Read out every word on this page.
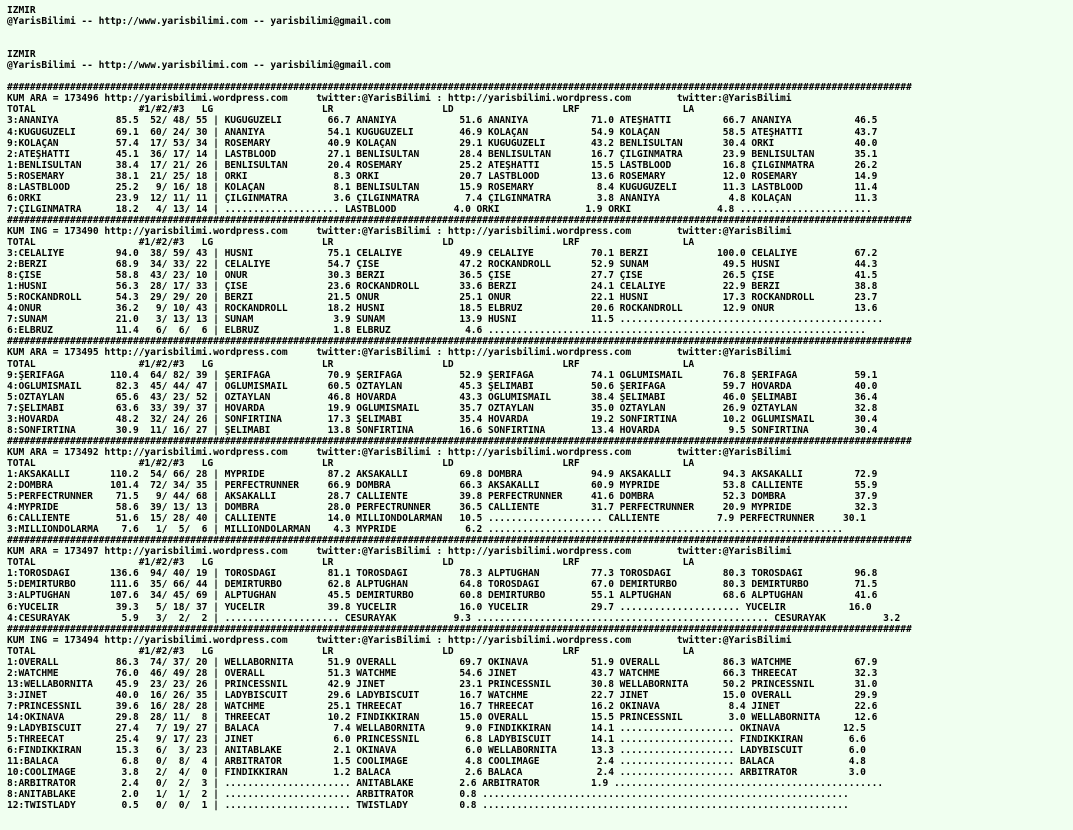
IZMIR
@YarisBilimi -- http://www.yarisbilimi.com -- yarisbilimi@gmail.com

IZMIR
@YarisBilimi -- http://www.yarisbilimi.com -- yarisbilimi@gmail.com

##############################################################################################################################################################
KUM ARA = 173496 http://yarisbilimi.wordpress.com     twitter:@YarisBilimi : http://yarisbilimi.wordpress.com        twitter:@YarisBilimi
TOTAL                  #1/#2/#3   LG                   LR                   LD                   LRF                  LA
3:ANANİYA          85.5  52/ 48/ 55 | KUGUGÜZELİ        66.7 ANANİYA           51.6 ANANİYA           71.0 ATEŞHATTI         66.7 ANANİYA           46.5
4:KUGUGÜZELİ       69.1  60/ 24/ 30 | ANANİYA           54.1 KUGUGÜZELİ        46.9 KOLAÇAN           54.9 KOLAÇAN           58.5 ATEŞHATTI         43.7
9:KOLAÇAN          57.4  17/ 53/ 34 | ROSEMARY          40.9 KOLAÇAN           29.1 KUGUGÜZELİ        43.2 BENLİSULTAN       30.4 ORKİ              40.0
2:ATEŞHATTI        45.1  36/ 17/ 14 | LASTBLOOD         27.1 BENLİSULTAN       28.4 BENLİSULTAN       16.7 ÇILGINMATRA       23.9 BENLİSULTAN       35.1
1:BENLİSULTAN      38.4  17/ 21/ 26 | BENLİSULTAN       20.4 ROSEMARY          25.2 ATEŞHATTI         15.5 LASTBLOOD         16.8 ÇILGINMATRA       26.2
5:ROSEMARY         38.1  21/ 25/ 18 | ORKİ               8.3 ORKİ              20.7 LASTBLOOD         13.6 ROSEMARY          12.0 ROSEMARY          14.9
8:LASTBLOOD        25.2   9/ 16/ 18 | KOLAÇAN            8.1 BENLİSULTAN       15.9 ROSEMARY           8.4 KUGUGÜZELİ        11.3 LASTBLOOD         11.4
6:ORKİ             23.9  12/ 11/ 11 | ÇILGINMATRA        3.6 ÇILGINMATRA        7.4 ÇILGINMATRA        3.8 ANANİYA            4.8 KOLAÇAN           11.3
7:ÇILGINMATRA      18.2   4/ 13/ 14 | .................... LASTBLOOD          4.0 ORKİ               1.9 ORKİ               4.8 .......................
##############################################################################################################################################################
KUM İNG = 173490 http://yarisbilimi.wordpress.com     twitter:@YarisBilimi : http://yarisbilimi.wordpress.com        twitter:@YarisBilimi
TOTAL                  #1/#2/#3   LG                   LR                   LD                   LRF                  LA
3:CELALİYE         94.0  38/ 59/ 43 | HÜSNİ             75.1 CELALİYE          49.9 CELALİYE          70.1 BERZİ            100.0 CELALİYE          67.2
2:BERZİ            68.9  34/ 33/ 22 | CELALİYE          54.7 ÇİSE              47.2 ROCKANDROLL       52.9 SUNAM             49.5 HÜSNİ             44.3
8:ÇİSE             58.8  43/ 23/ 10 | ONUR              30.3 BERZİ             36.5 ÇİSE              27.7 ÇİSE              26.5 ÇİSE              41.5
1:HÜSNİ            56.3  28/ 17/ 33 | ÇİSE              23.6 ROCKANDROLL       33.6 BERZİ             24.1 CELALİYE          22.9 BERZİ             38.8
5:ROCKANDROLL      54.3  29/ 29/ 20 | BERZİ             21.5 ONUR              25.1 ONUR              22.1 HÜSNİ             17.3 ROCKANDROLL       23.7
4:ONUR             36.2   9/ 10/ 43 | ROCKANDROLL       18.2 HÜSNİ             18.5 ELBRUZ            20.6 ROCKANDROLL       12.9 ONUR              13.6
7:SUNAM            21.0   3/ 13/ 13 | SUNAM              3.9 SUNAM             13.9 HÜSNİ             11.5 ..............................................
6:ELBRUZ           11.4   6/  6/  6 | ELBRUZ             1.8 ELBRUZ             4.6 ..................................................................
##############################################################################################################################################################
KUM ARA = 173495 http://yarisbilimi.wordpress.com     twitter:@YarisBilimi : http://yarisbilimi.wordpress.com        twitter:@YarisBilimi
TOTAL                  #1/#2/#3   LG                   LR                   LD                   LRF                  LA
9:ŞERİFAĞA        110.4  64/ 82/ 39 | ŞERİFAĞA          70.9 ŞERİFAĞA          52.9 ŞERİFAĞA          74.1 OĞLUMİSMAİL       76.8 ŞERİFAĞA          59.1
4:OĞLUMİSMAİL      82.3  45/ 44/ 47 | OĞLUMİSMAİL       60.5 ÖZTAYLAN          45.3 ŞELİMABİ          50.6 ŞERİFAĞA          59.7 HOVARDA           40.0
5:ÖZTAYLAN         65.6  43/ 23/ 52 | ÖZTAYLAN          46.8 HOVARDA           43.3 OĞLUMİSMAİL       38.4 ŞELİMABİ          46.0 ŞELİMABİ          36.4
7:ŞELİMABİ         63.6  33/ 39/ 37 | HOVARDA           19.9 OĞLUMİSMAİL       35.7 ÖZTAYLAN          35.0 ÖZTAYLAN          26.9 ÖZTAYLAN          32.8
3:HOVARDA          48.2  32/ 24/ 26 | SONFIRTINA        17.3 ŞELİMABİ          35.4 HOVARDA           19.2 SONFIRTINA        10.2 OĞLUMİSMAİL       30.4
8:SONFIRTINA       30.9  11/ 16/ 27 | ŞELİMABİ          13.8 SONFIRTINA        16.6 SONFIRTINA        13.4 HOVARDA            9.5 SONFIRTINA        30.4
##############################################################################################################################################################
KUM ARA = 173492 http://yarisbilimi.wordpress.com     twitter:@YarisBilimi : http://yarisbilimi.wordpress.com        twitter:@YarisBilimi
TOTAL                  #1/#2/#3   LG                   LR                   LD                   LRF                  LA
1:AKSAKALLI       110.2  54/ 66/ 28 | MYPRIDE           87.2 AKSAKALLI         69.8 DOMBRA            94.9 AKSAKALLI         94.3 AKSAKALLI         72.9
2:DOMBRA          101.4  72/ 34/ 35 | PERFECTRUNNER     66.9 DOMBRA            66.3 AKSAKALLI         60.9 MYPRIDE           53.8 CALLİENTE         55.9
5:PERFECTRUNNER    71.5   9/ 44/ 68 | AKSAKALLI         28.7 CALLİENTE         39.8 PERFECTRUNNER     41.6 DOMBRA            52.3 DOMBRA            37.9
4:MYPRIDE          58.6  39/ 13/ 13 | DOMBRA            28.0 PERFECTRUNNER     36.5 CALLİENTE         31.7 PERFECTRUNNER     20.9 MYPRIDE           32.3
6:CALLİENTE        51.6  15/ 28/ 40 | CALLİENTE         14.0 MILLIONDOLARMAN   10.5 .................... CALLİENTE          7.9 PERFECTRUNNER     30.1
3:MILLIONDOLARMA    7.6   1/  5/  6 | MILLIONDOLARMAN    4.3 MYPRIDE            6.2 ..............................................................
##############################################################################################################################################################
KUM ARA = 173497 http://yarisbilimi.wordpress.com     twitter:@YarisBilimi : http://yarisbilimi.wordpress.com        twitter:@YarisBilimi
TOTAL                  #1/#2/#3   LG                   LR                   LD                   LRF                  LA
1:TOROSDAĞI       136.6  94/ 40/ 19 | TOROSDAĞI         81.1 TOROSDAĞI         78.3 ALPTUĞHAN         77.3 TOROSDAĞI         80.3 TOROSDAĞI         96.8
5:DEMİRTURBO      111.6  35/ 66/ 44 | DEMİRTURBO        62.8 ALPTUĞHAN         64.8 TOROSDAĞI         67.0 DEMİRTURBO        80.3 DEMİRTURBO        71.5
3:ALPTUĞHAN       107.6  34/ 45/ 69 | ALPTUĞHAN         45.5 DEMİRTURBO        60.8 DEMİRTURBO        55.1 ALPTUĞHAN         68.6 ALPTUĞHAN         41.6
6:YÜCELİR          39.3   5/ 18/ 37 | YÜCELİR           39.8 YÜCELİR           16.0 YÜCELİR           29.7 ..................... YÜCELİR           16.0
4:CESURAYAK         5.9   3/  2/  2 | .................... CESURAYAK          9.3 ................................................... CESURAYAK          3.2
##############################################################################################################################################################
KUM İNG = 173494 http://yarisbilimi.wordpress.com     twitter:@YarisBilimi : http://yarisbilimi.wordpress.com        twitter:@YarisBilimi
TOTAL                  #1/#2/#3   LG                   LR                   LD                   LRF                  LA
1:OVERALL          86.3  74/ 37/ 20 | WELLABORNITA      51.9 OVERALL           69.7 OKINAVA           51.9 OVERALL           86.3 WATCHME           67.9
2:WATCHME          76.0  46/ 49/ 28 | OVERALL           51.3 WATCHME           54.6 JİNET             43.7 WATCHME           66.3 THREECAT          32.3
13:WELLABORNITA    45.9  23/ 23/ 26 | PRINCESSNIL       42.9 JİNET             23.1 PRINCESSNIL       30.8 WELLABORNITA      50.2 PRINCESSNIL       31.0
3:JİNET            40.0  16/ 26/ 35 | LADYBISCUIT       29.6 LADYBISCUIT       16.7 WATCHME           22.7 JİNET             15.0 OVERALL           29.9
7:PRINCESSNIL      39.6  16/ 28/ 28 | WATCHME           25.1 THREECAT          16.7 THREECAT          16.2 OKINAVA            8.4 JİNET             22.6
14:OKINAVA         29.8  28/ 11/  8 | THREECAT          10.2 FINDIKKIRAN       15.0 OVERALL           15.5 PRINCESSNIL        3.0 WELLABORNITA      12.6
9:LADYBISCUIT      27.4   7/ 19/ 27 | BALACA             7.4 WELLABORNITA       9.0 FINDIKKIRAN       14.1 .................... OKINAVA           12.5
5:THREECAT         25.4   9/ 17/ 23 | JİNET              6.0 PRINCESSNIL        6.8 LADYBISCUIT       14.1 .................... FINDIKKIRAN        6.6
6:FINDIKKIRAN      15.3   6/  3/ 23 | ANITABLAKE         2.1 OKINAVA            6.0 WELLABORNITA      13.3 .................... LADYBISCUIT        6.0
11:BALACA           6.8   0/  8/  4 | ARBITRATOR         1.5 COOLIMAGE          4.8 COOLIMAGE          2.4 .................... BALACA             4.8
10:COOLIMAGE        3.8   2/  4/  0 | FINDIKKIRAN        1.2 BALACA             2.6 BALACA             2.4 .................... ARBITRATOR         3.0
8:ARBITRATOR        2.4   0/  2/  3 | ...................... ANITABLAKE        2.6 ARBITRATOR         1.9 ...............................................
8:ANITABLAKE        2.0   1/  1/  2 | ...................... ARBITRATOR        0.8 ................................................................
12:TWISTLADY        0.5   0/  0/  1 | ...................... TWISTLADY         0.8 ................................................................
